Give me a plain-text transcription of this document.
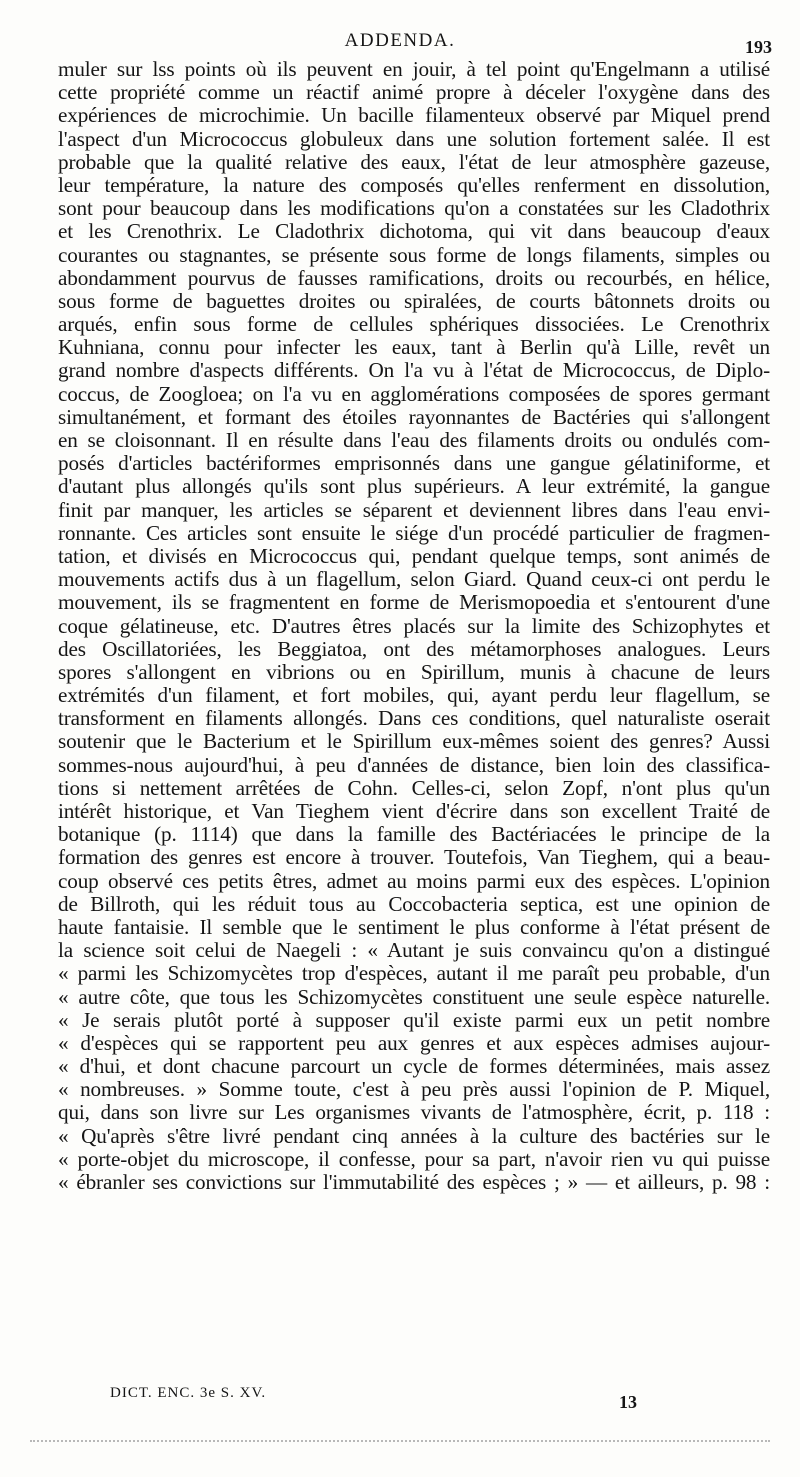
ADDENDA.	193
muler sur lss points où ils peuvent en jouir, à tel point qu'Engelmann a utilisé
cette propriété comme un réactif animé propre à déceler l'oxygène dans des
expériences de microchimie. Un bacille filamenteux observé par Miquel prend
l'aspect d'un Micrococcus globuleux dans une solution fortement salée. Il est
probable que la qualité relative des eaux, l'état de leur atmosphère gazeuse,
leur température, la nature des composés qu'elles renferment en dissolution,
sont pour beaucoup dans les modifications qu'on a constatées sur les Cladothrix
et les Crenothrix. Le Cladothrix dichotoma, qui vit dans beaucoup d'eaux
courantes ou stagnantes, se présente sous forme de longs filaments, simples ou
abondamment pourvus de fausses ramifications, droits ou recourbés, en hélice,
sous forme de baguettes droites ou spiralées, de courts bâtonnets droits ou
arqués, enfin sous forme de cellules sphériques dissociées. Le Crenothrix
Kuhniana, connu pour infecter les eaux, tant à Berlin qu'à Lille, revêt un
grand nombre d'aspects différents. On l'a vu à l'état de Micrococcus, de Diplo-
coccus, de Zoogloea; on l'a vu en agglomérations composées de spores germant
simultanément, et formant des étoiles rayonnantes de Bactéries qui s'allongent
en se cloisonnant. Il en résulte dans l'eau des filaments droits ou ondulés com-
posés d'articles bactériformes emprisonnés dans une gangue gélatiniforme, et
d'autant plus allongés qu'ils sont plus supérieurs. A leur extrémité, la gangue
finit par manquer, les articles se séparent et deviennent libres dans l'eau envi-
ronnante. Ces articles sont ensuite le siége d'un procédé particulier de fragmen-
tation, et divisés en Micrococcus qui, pendant quelque temps, sont animés de
mouvements actifs dus à un flagellum, selon Giard. Quand ceux-ci ont perdu le
mouvement, ils se fragmentent en forme de Merismopoedia et s'entourent d'une
coque gélatineuse, etc. D'autres êtres placés sur la limite des Schizophytes et
des Oscillatoriées, les Beggiatoa, ont des métamorphoses analogues. Leurs
spores s'allongent en vibrions ou en Spirillum, munis à chacune de leurs
extrémités d'un filament, et fort mobiles, qui, ayant perdu leur flagellum, se
transforment en filaments allongés. Dans ces conditions, quel naturaliste oserait
soutenir que le Bacterium et le Spirillum eux-mêmes soient des genres? Aussi
sommes-nous aujourd'hui, à peu d'années de distance, bien loin des classifica-
tions si nettement arrêtées de Cohn. Celles-ci, selon Zopf, n'ont plus qu'un
intérêt historique, et Van Tieghem vient d'écrire dans son excellent Traité de
botanique (p. 1114) que dans la famille des Bactériacées le principe de la
formation des genres est encore à trouver. Toutefois, Van Tieghem, qui a beau-
coup observé ces petits êtres, admet au moins parmi eux des espèces. L'opinion
de Billroth, qui les réduit tous au Coccobacteria septica, est une opinion de
haute fantaisie. Il semble que le sentiment le plus conforme à l'état présent de
la science soit celui de Naegeli : « Autant je suis convaincu qu'on a distingué
« parmi les Schizomycètes trop d'espèces, autant il me paraît peu probable, d'un
« autre côte, que tous les Schizomycètes constituent une seule espèce naturelle.
« Je serais plutôt porté à supposer qu'il existe parmi eux un petit nombre
« d'espèces qui se rapportent peu aux genres et aux espèces admises aujour-
« d'hui, et dont chacune parcourt un cycle de formes déterminées, mais assez
« nombreuses. » Somme toute, c'est à peu près aussi l'opinion de P. Miquel,
qui, dans son livre sur Les organismes vivants de l'atmosphère, écrit, p. 118 :
« Qu'après s'être livré pendant cinq années à la culture des bactéries sur le
« porte-objet du microscope, il confesse, pour sa part, n'avoir rien vu qui puisse
« ébranler ses convictions sur l'immutabilité des espèces ; » — et ailleurs, p. 98 :
DICT. ENC. 3e S. XV.	13
